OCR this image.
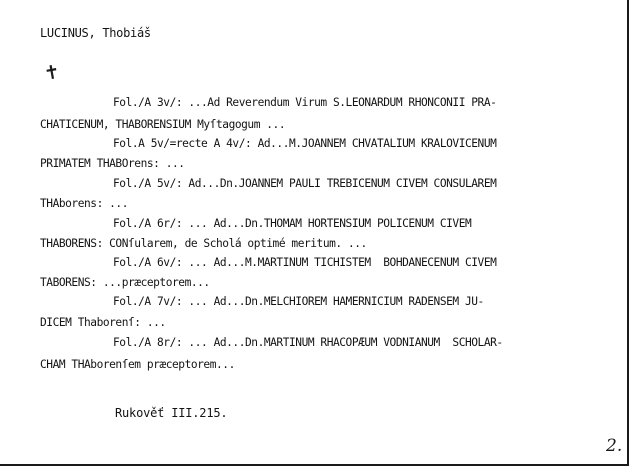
LUCINUS, Thobiáš
✝
Fol./A 3v/: ...Ad Reverendum Virum S.LEONARDUM RHONCONII PRA-
CHATICENUM, THABORENSIUM Myſtagogum ...
Fol.A 5v/=recte A 4v/: Ad...M.JOANNEM CHVATALIUM KRALOVICENUM
PRIMATEM THABOrens: ...
Fol./A 5v/: Ad...Dn.JOANNEM PAULI TREBICENUM CIVEM CONSULAREM
THAborens: ...
Fol./A 6r/: ... Ad...Dn.THOMAM HORTENSIUM POLICENUM CIVEM
THABORENS: CONſularem, de Scholá optimé meritum. ...
Fol./A 6v/: ... Ad...M.MARTINUM TICHISTEM  BOHDANECENUM CIVEM
TABORENS: ...præceptorem...
Fol./A 7v/: ... Ad...Dn.MELCHIOREM HAMERNICIUM RADENSEM JU-
DICEM Thaborenſ: ...
Fol./A 8r/: ... Ad...Dn.MARTINUM RHACOPÆUM VODNIANUM  SCHOLAR-
CHAM THAborenſem præceptorem...
Rukověť III.215.
2.
